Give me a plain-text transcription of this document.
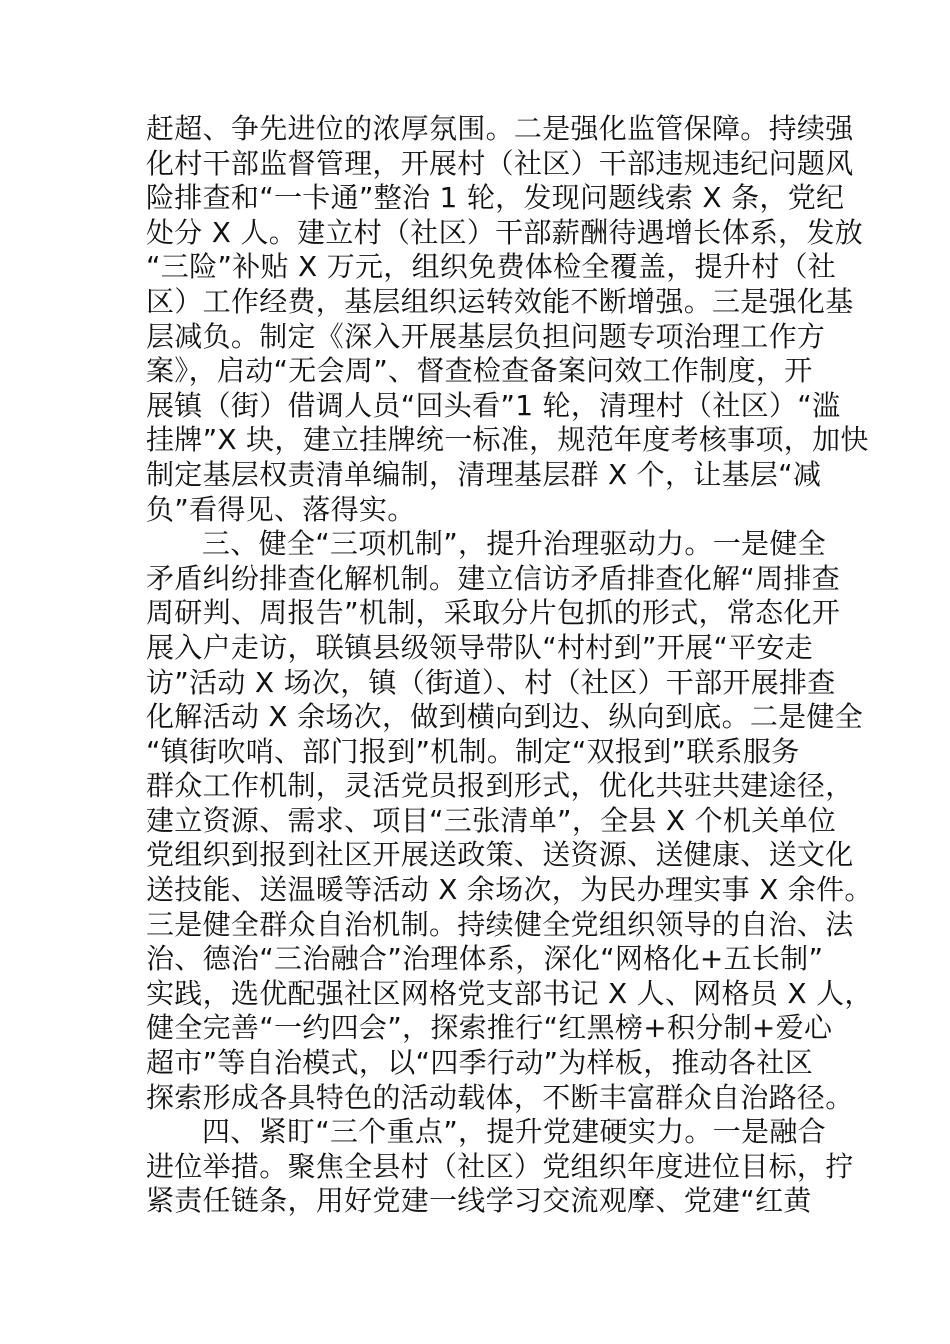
赶超、争先进位的浓厚氛围。二是强化监管保障。持续强
化村干部监督管理，开展村（社区）干部违规违纪问题风
险排查和“一卡通”整治 1 轮，发现问题线索 X 条，党纪
处分 X 人。建立村（社区）干部薪酬待遇增长体系，发放
“三险”补贴 X 万元，组织免费体检全覆盖，提升村（社
区）工作经费，基层组织运转效能不断增强。三是强化基
层减负。制定《深入开展基层负担问题专项治理工作方
案》，启动“无会周”、督查检查备案问效工作制度，开
展镇（街）借调人员“回头看”1 轮，清理村（社区）“滥
挂牌”X 块，建立挂牌统一标准，规范年度考核事项，加快
制定基层权责清单编制，清理基层群 X 个，让基层“减
负”看得见、落得实。
三、健全“三项机制”，提升治理驱动力。一是健全
矛盾纠纷排查化解机制。建立信访矛盾排查化解“周排查
周研判、周报告”机制，采取分片包抓的形式，常态化开
展入户走访，联镇县级领导带队“村村到”开展“平安走
访”活动 X 场次，镇（街道）、村（社区）干部开展排查
化解活动 X 余场次，做到横向到边、纵向到底。二是健全
“镇街吹哨、部门报到”机制。制定“双报到”联系服务
群众工作机制，灵活党员报到形式，优化共驻共建途径，
建立资源、需求、项目“三张清单”，全县 X 个机关单位
党组织到报到社区开展送政策、送资源、送健康、送文化
送技能、送温暖等活动 X 余场次，为民办理实事 X 余件。
三是健全群众自治机制。持续健全党组织领导的自治、法
治、德治“三治融合”治理体系，深化“网格化+五长制”
实践，选优配强社区网格党支部书记 X 人、网格员 X 人，
健全完善“一约四会”，探索推行“红黑榜+积分制+爱心
超市”等自治模式，以“四季行动”为样板，推动各社区
探索形成各具特色的活动载体，不断丰富群众自治路径。
四、紧盯“三个重点”，提升党建硬实力。一是融合
进位举措。聚焦全县村（社区）党组织年度进位目标，拧
紧责任链条，用好党建一线学习交流观摩、党建“红黄
